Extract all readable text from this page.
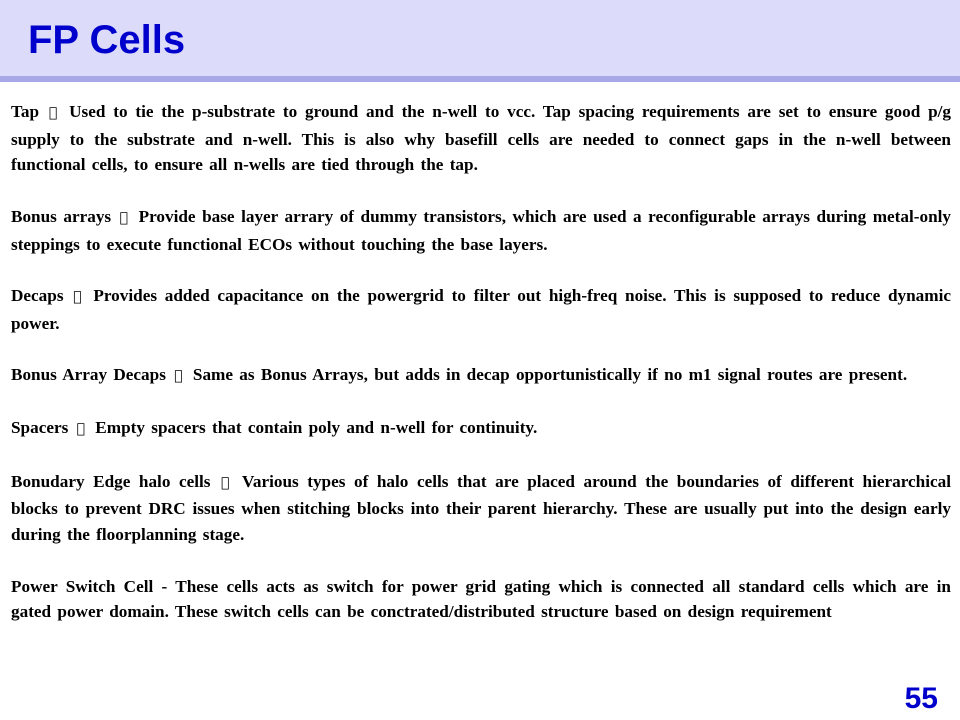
FP Cells

Tap Used to tie the p-substrate to ground and the n-well to vcc. Tap spacing requirements are set to ensure good p/g supply to the substrate and n-well. This is also why basefill cells are needed to connect gaps in the n-well between functional cells, to ensure all n-wells are tied through the tap.

Bonus arrays Provide base layer arrary of dummy transistors, which are used a reconfigurable arrays during metal-only steppings to execute functional ECOs without touching the base layers.

Decaps Provides added capacitance on the powergrid to filter out high-freq noise. This is supposed to reduce dynamic power.

Bonus Array Decaps Same as Bonus Arrays, but adds in decap opportunistically if no m1 signal routes are present.

Spacers Empty spacers that contain poly and n-well for continuity.

Bonudary Edge halo cells Various types of halo cells that are placed around the boundaries of different hierarchical blocks to prevent DRC issues when stitching blocks into their parent hierarchy. These are usually put into the design early during the floorplanning stage.

Power Switch Cell - These cells acts as switch for power grid gating which is connected all standard cells which are in gated power domain. These switch cells can be conctrated/distributed structure based on design requirement

55
